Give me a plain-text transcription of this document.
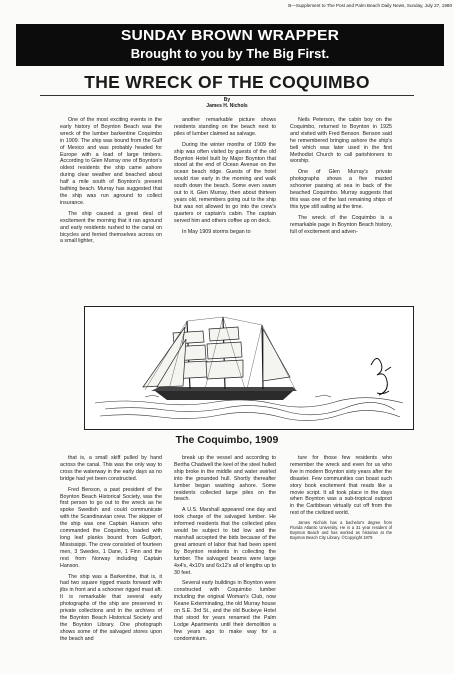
B—Supplement to The Post and Palm Beach Daily News, Sunday, July 27, 1980
SUNDAY BROWN WRAPPER
Brought to you by The Big First.
THE WRECK OF THE COQUIMBO
By
James H. Nichols

One of the most exciting events in the early history of Boynton Beach was the wreck of the lumber barkentine Coquimbo in 1909. The ship was bound from the Gulf of Mexico and was probably headed for Europe with a load of large timbers. According to Glen Murray one of Boynton's oldest residents the ship came ashore during clear weather and beached about half a mile south of Boynton's present bathing beach. Murray has suggested that the ship was run aground to collect insurance.

The ship caused a great deal of excitement the morning that it ran aground and early residents rushed to the canal on bicycles and ferried themselves across on a small lighter,

another remarkable picture shows residents standing on the beach next to piles of lumber claimed as salvage.

During the winter months of 1909 the ship was often visited by guests of the old Boynton Hotel built by Major Boynton that stood at the end of Ocean Avenue on the ocean beach ridge. Guests of the hotel would rise early in the morning and walk south down the beach. Some even swam out to it. Glen Murray, then about thirteen years old, remembers going out to the ship but was not allowed to go into the crew's quarters or captain's cabin. The captain served him and others coffee up on deck.

In May 1909 storms began to

Neils Peterson, the cabin boy on the Coquimbo, returned to Boynton in 1925 and visited with Fred Benson. Benson said he remembered bringing ashore the ship's bell which was later used in the first Methodist Church to call parishioners to worship.

One of Glen Murray's private photographs shows a five masted schooner passing at sea in back of the beached Coquimbo. Murray suggests that this was one of the last remaining ships of this type still sailing at the time.

The wreck of the Coquimbo is a remarkable page in Boynton Beach history, full of excitement and adven-

The Coquimbo, 1909

that is, a small skiff pulled by hand across the canal. This was the only way to cross the waterway in the early days as no bridge had yet been constructed.

Fred Benson, a past president of the Boynton Beach Historical Society, was the first person to go out to the wreck as he spoke Swedish and could communicate with the Scandinavian crew. The skipper of the ship was one Captain Hanson who commanded the Coquimbo, loaded with long leaf planks bound from Gulfport, Mississippi. The crew consisted of fourteen men, 3 Swedes, 1 Dane, 1 Finn and the rest from Norway including Captain Hanson.

The ship was a Barkentine, that is, it had two square rigged masts forward with jibs in front and a schooner rigged mast aft. It is remarkable that several early photographs of the ship are preserved in private collections and in the archives of the Boynton Beach Historical Society and the Boynton Library. One photograph shows some of the salvaged stores upon the beach and

break up the vessel and according to Bertha Chadwell the keel of the steel hulled ship broke in the middle and water swirled into the grounded hull. Shortly thereafter lumber began washing ashore. Some residents collected large piles on the beach.

A U.S. Marshall appeared one day and took charge of the salvaged lumber. He informed residents that the collected piles would be subject to bid low and the marshall accepted the bids because of the great amount of labor that had been spent by Boynton residents in collecting the lumber. The salvaged beams were large 4x4's, 4x10's and 6x12's all of lengths up to 30 feet.

Several early buildings in Boynton were constructed with Coquimbo lumber including the original Woman's Club, now Keane Exterminating, the old Murray house on S.E. 3rd St., and the old Buckeye Hotel that stood for years renamed the Palm Lodge Apartments until their demolition a few years ago to make way for a condominium.

ture for those few residents who remember the wreck and even for us who live in modern Boynton sixty years after the disaster. Few communities can boast such story book excitement that reads like a movie script. It all took place in the days when Boynton was a sub-tropical outpost in the Caribbean virtually cut off from the rest of the civilized world.

James Nichols has a bachelor's degree from Florida Atlantic University. He is a 31 year resident of Boynton Beach and has worked as historian at the Boynton Beach City Library. ©Copyright 1979
